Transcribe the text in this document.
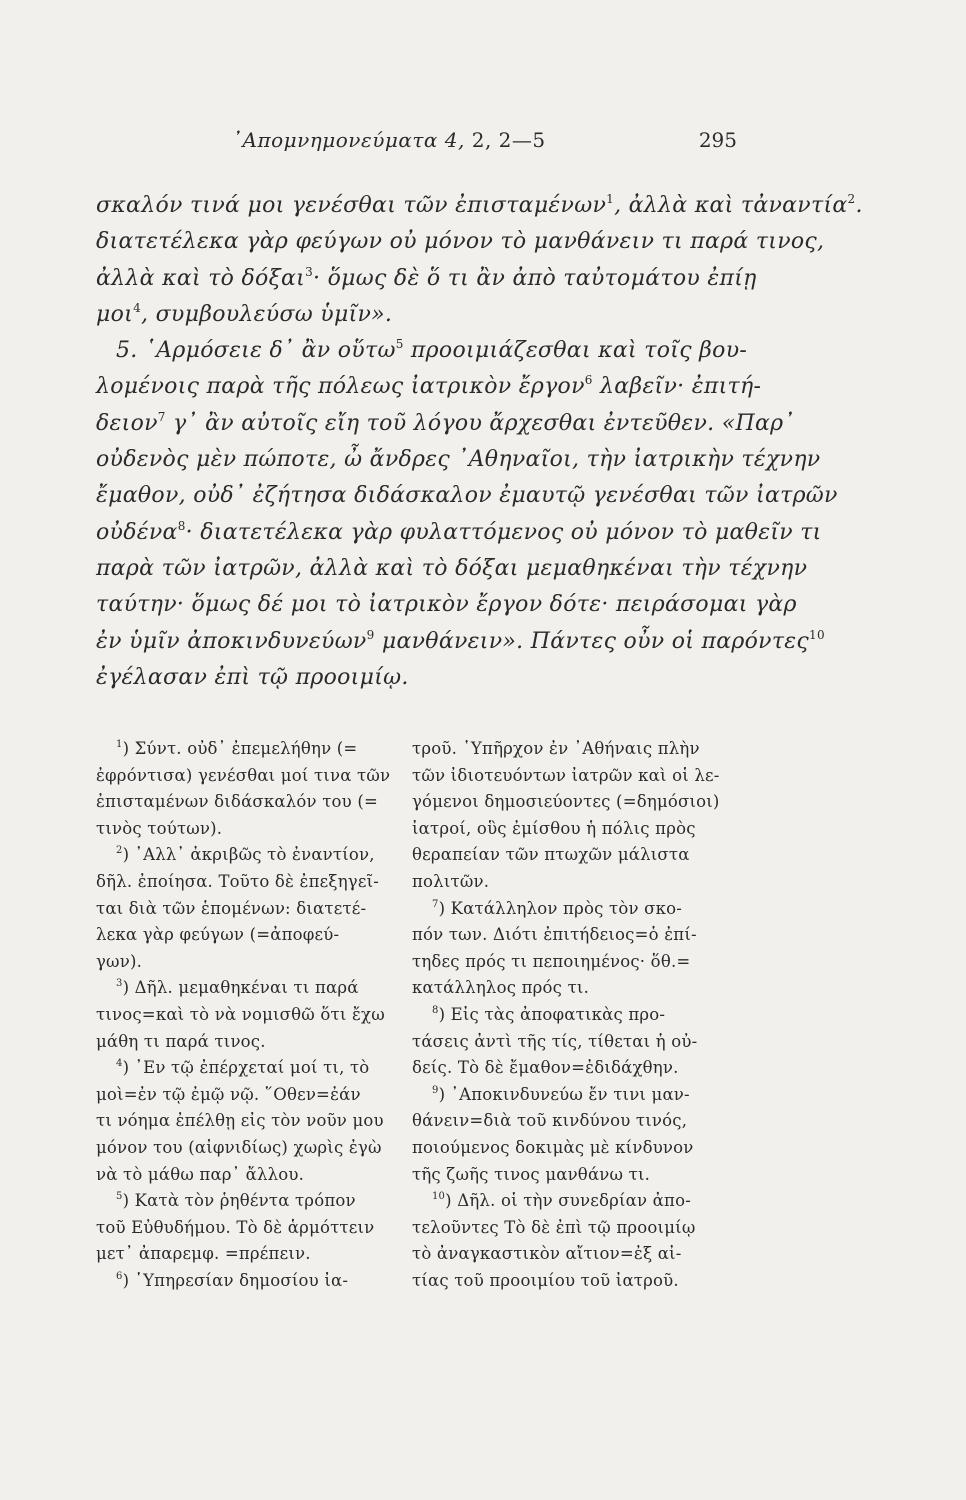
᾿Απομνημονεύματα 4, 2, 2—5	295
σκαλόν τινά μοι γενέσθαι τῶν ἐπισταμένων$^1$, ἀλλὰ καὶ τἀναντία$^2$.
διατετέλεκα γὰρ φεύγων οὐ μόνον τὸ μανθάνειν τι παρά τινος,
ἀλλὰ καὶ τὸ δόξαι$^3$· ὅμως δὲ ὅ τι ἂν ἀπὸ ταὐτομάτου ἐπίῃ
μοι$^4$, συμβουλεύσω ὑμῖν».
5. ῾Αρμόσειε δ᾿ ἂν οὕτω$^5$ προοιμιάζεσθαι καὶ τοῖς βου-
λομένοις παρὰ τῆς πόλεως ἰατρικὸν ἔργον$^6$ λαβεῖν· ἐπιτή-
δειον$^7$ γ᾿ ἂν αὐτοῖς εἴη τοῦ λόγου ἄρχεσθαι ἐντεῦθεν. «Παρ᾿
οὐδενὸς μὲν πώποτε, ὦ ἄνδρες ᾿Αθηναῖοι, τὴν ἰατρικὴν τέχνην
ἔμαθον, οὐδ᾿ ἐζήτησα διδάσκαλον ἐμαυτῷ γενέσθαι τῶν ἰατρῶν
οὐδένα$^8$· διατετέλεκα γὰρ φυλαττόμενος οὐ μόνον τὸ μαθεῖν τι
παρὰ τῶν ἰατρῶν, ἀλλὰ καὶ τὸ δόξαι μεμαθηκέναι τὴν τέχνην
ταύτην· ὅμως δέ μοι τὸ ἰατρικὸν ἔργον δότε· πειράσομαι γὰρ
ἐν ὑμῖν ἀποκινδυνεύων$^9$ μανθάνειν». Πάντες οὖν οἱ παρόντες$^{10}$
ἐγέλασαν ἐπὶ τῷ προοιμίῳ.
$^1$) Σύντ. οὐδ᾿ ἐπεμελήθην (=
ἐφρόντισα) γενέσθαι μοί τινα τῶν
ἐπισταμένων διδάσκαλόν του (=
τινὸς τούτων).
$^2$) ᾿Αλλ᾿ ἀκριβῶς τὸ ἐναντίον,
δῆλ. ἐποίησα. Τοῦτο δὲ ἐπεξηγεῖ-
ται διὰ τῶν ἑπομένων: διατετέ-
λεκα γὰρ φεύγων (=ἀποφεύ-
γων).
$^3$) Δῆλ. μεμαθηκέναι τι παρά
τινος=καὶ τὸ νὰ νομισθῶ ὅτι ἔχω
μάθη τι παρά τινος.
$^4$) ᾿Εν τῷ ἐπέρχεταί μοί τι, τὸ
μοὶ=ἐν τῷ ἐμῷ νῷ. ῞Οθεν=ἐάν
τι νόημα ἐπέλθῃ εἰς τὸν νοῦν μου
μόνον του (αἰφνιδίως) χωρὶς ἐγὼ
νὰ τὸ μάθω παρ᾿ ἄλλου.
$^5$) Κατὰ τὸν ῥηθέντα τρόπον
τοῦ Εὐθυδήμου. Τὸ δὲ ἁρμόττειν
μετ᾿ ἀπαρεμφ. =πρέπειν.
$^6$) ῾Υπηρεσίαν δημοσίου ἰα-
τροῦ. ῾Υπῆρχον ἐν ᾿Αθήναις πλὴν
τῶν ἰδιοτευόντων ἰατρῶν καὶ οἱ λε-
γόμενοι δημοσιεύοντες (=δημόσιοι)
ἰατροί, οὓς ἐμίσθου ἡ πόλις πρὸς
θεραπείαν τῶν πτωχῶν μάλιστα
πολιτῶν.
$^7$) Κατάλληλον πρὸς τὸν σκο-
πόν των. Διότι ἐπιτήδειος=ὁ ἐπί-
τηδες πρός τι πεποιημένος· ὅθ.=
κατάλληλος πρός τι.
$^8$) Εἰς τὰς ἀποφατικὰς προ-
τάσεις ἀντὶ τῆς τίς, τίθεται ἡ οὐ-
δείς. Τὸ δὲ ἔμαθον=ἐδιδάχθην.
$^9$) ᾿Αποκινδυνεύω ἔν τινι μαν-
θάνειν=διὰ τοῦ κινδύνου τινός,
ποιούμενος δοκιμὰς μὲ κίνδυνον
τῆς ζωῆς τινος μανθάνω τι.
$^{10}$) Δῆλ. οἱ τὴν συνεδρίαν ἀπο-
τελοῦντες Τὸ δὲ ἐπὶ τῷ προοιμίῳ
τὸ ἀναγκαστικὸν αἴτιον=ἐξ αἰ-
τίας τοῦ προοιμίου τοῦ ἰατροῦ.
